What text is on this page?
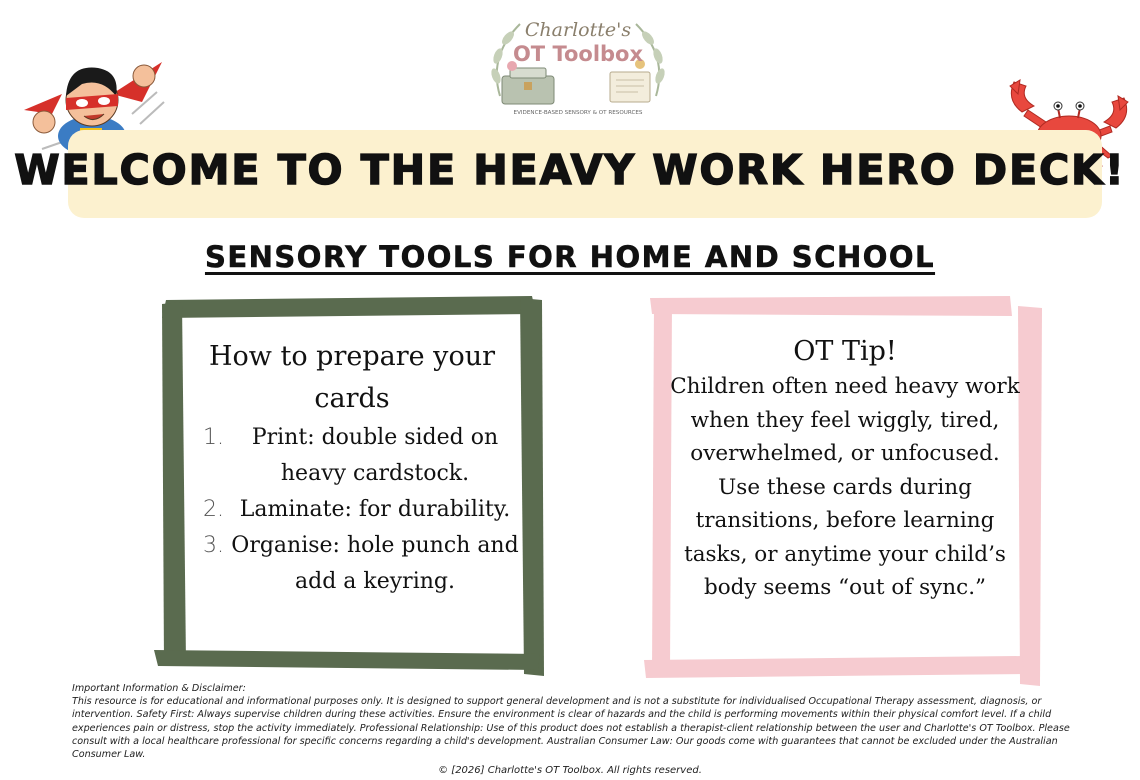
Charlotte's
OT Toolbox
EVIDENCE-BASED SENSORY & OT RESOURCES
WELCOME TO THE HEAVY WORK HERO DECK!
SENSORY TOOLS FOR HOME AND SCHOOL
How to prepare your cards
1.	Print: double sided on heavy cardstock.
2. Laminate: for durability.
3. Organise: hole punch and add a keyring.
OT Tip!

Children often need heavy work when they feel wiggly, tired, overwhelmed, or unfocused. Use these cards during transitions, before learning tasks, or anytime your child’s body seems “out of sync.”

Important Information & Disclaimer:

This resource is for educational and informational purposes only. It is designed to support general development and is not a substitute for individualised Occupational Therapy assessment, diagnosis, or intervention. Safety First: Always supervise children during these activities. Ensure the environment is clear of hazards and the child is performing movements within their physical comfort level. If a child experiences pain or distress, stop the activity immediately. Professional Relationship: Use of this product does not establish a therapist-client relationship between the user and Charlotte's OT Toolbox. Please consult with a local healthcare professional for specific concerns regarding a child's development. Australian Consumer Law: Our goods come with guarantees that cannot be excluded under the Australian Consumer Law.

© [2026] Charlotte's OT Toolbox. All rights reserved.
